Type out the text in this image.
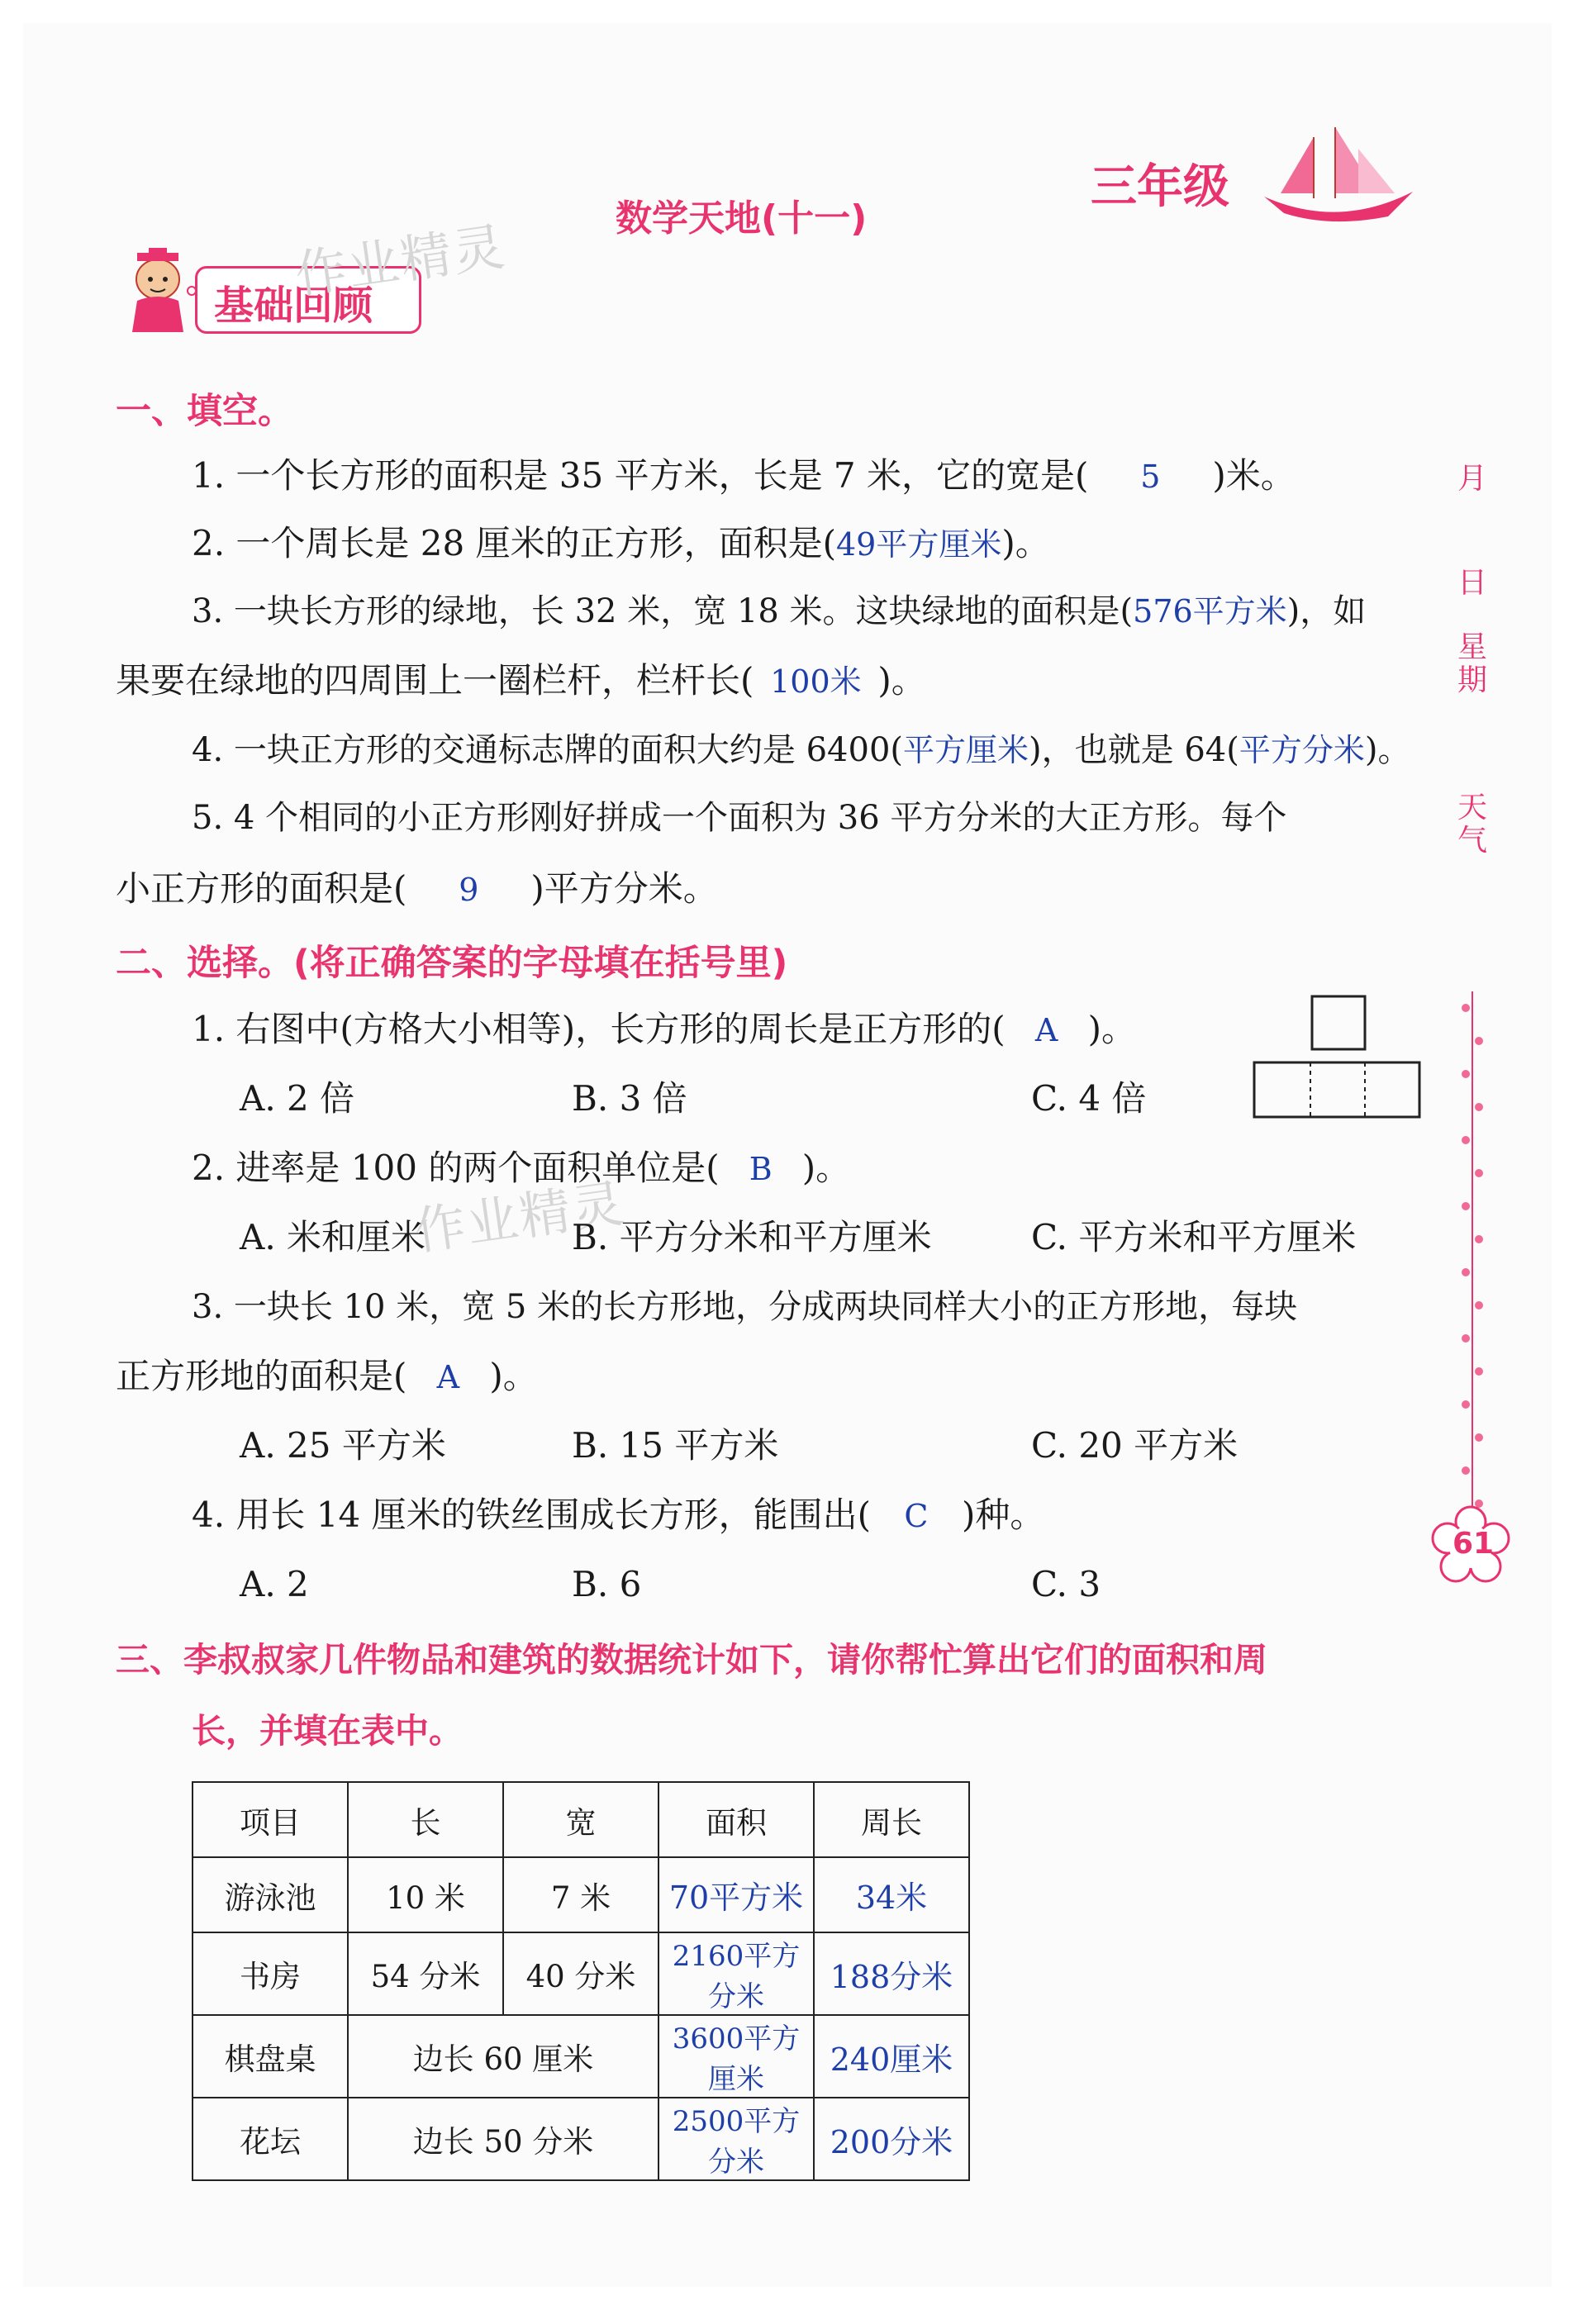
基础回顾
数学天地(十一)
三年级
作业精灵
作业精灵
月
日
星期
天气
61
一、填空。
1. 一个长方形的面积是 35 平方米，长是 7 米，它的宽是( 5 )米。
2. 一个周长是 28 厘米的正方形，面积是(49平方厘米)。
3. 一块长方形的绿地，长 32 米，宽 18 米。这块绿地的面积是(576平方米)，如
果要在绿地的四周围上一圈栏杆，栏杆长( 100米 )。
4. 一块正方形的交通标志牌的面积大约是 6400(平方厘米)，也就是 64(平方分米)。
5. 4 个相同的小正方形刚好拼成一个面积为 36 平方分米的大正方形。每个
小正方形的面积是( 9 )平方分米。
二、选择。(将正确答案的字母填在括号里)
1. 右图中(方格大小相等)，长方形的周长是正方形的( A )。
A. 2 倍	B. 3 倍	C. 4 倍
2. 进率是 100 的两个面积单位是( B )。
A. 米和厘米	B. 平方分米和平方厘米	C. 平方米和平方厘米
3. 一块长 10 米，宽 5 米的长方形地，分成两块同样大小的正方形地，每块
正方形地的面积是( A )。
A. 25 平方米	B. 15 平方米	C. 20 平方米
4. 用长 14 厘米的铁丝围成长方形，能围出( C )种。
A. 2	B. 6	C. 3
三、李叔叔家几件物品和建筑的数据统计如下，请你帮忙算出它们的面积和周
长，并填在表中。
项目	长	宽	面积	周长
游泳池	10 米	7 米	70平方米	34米
书房	54 分米	40 分米	2160平方分米	188分米
棋盘桌	边长 60 厘米		3600平方厘米	240厘米
花坛	边长 50 分米		2500平方分米	200分米
